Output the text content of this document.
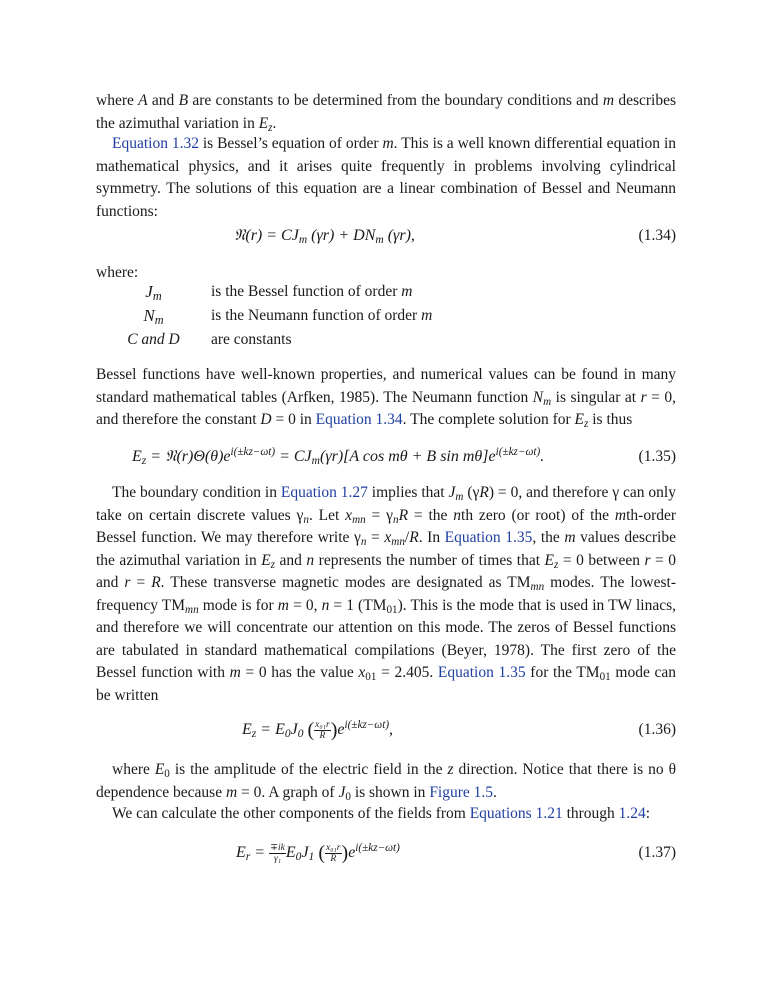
where A and B are constants to be determined from the boundary conditions and m describes the azimuthal variation in $E_z$.

Equation 1.32 is Bessel’s equation of order m. This is a well known differential equation in mathematical physics, and it arises quite frequently in problems involving cylindrical symmetry. The solutions of this equation are a linear combination of Bessel and Neumann functions:

𝔑(r) = $CJ_m$ $(\gamma r) + DN_m$ (γr),	(1.34)

where:

$J_m$	is the Bessel function of order m
$N_m$	is the Neumann function of order m
C and D	are constants

Bessel functions have well-known properties, and numerical values can be found in many standard mathematical tables (Arfken, 1985). The Neumann function $N_m$ is singular at r = 0, and therefore the constant D = 0 in Equation 1.34. The complete solution for $E_z$ is thus

$E_z$ = $𝔑(r)\Theta(\theta)e^{i(\pm kz-\omega t)} = CJ_m(\gamma r)[A$ cos mθ + B $\sin m\theta]e^{i(\pm kz-\omega t)}$.	(1.35)

The boundary condition in Equation 1.27 implies that $J_m$ (γR) = 0, and therefore γ can only take on certain discrete values $\gamma_n$. Let $x_{mn} = \gamma_nR$ = the nth zero (or root) of the mth-order Bessel function. We may therefore write $\gamma_n = x_{mn}/R$. In Equation 1.35, the m values describe the azimuthal variation in $E_z$ and n represents the number of times that $E_z = 0$ between r = 0 and r = R. These transverse magnetic modes are designated as $TM_{mn}$ modes. The lowest-frequency $TM_{mn}$ mode is for m = 0, n = 1 $(TM_{01})$. This is the mode that is used in TW linacs, and therefore we will concentrate our attention on this mode. The zeros of Bessel functions are tabulated in standard mathematical compilations (Beyer, 1978). The first zero of the Bessel function with m = 0 has the value $x_{01} = 2.405$. Equation 1.35 for the $TM_{01}$ mode can be written

$E_z = E_0J_0$ ( $\frac{\text{x₀₁r}}{R} )e^{i(\pm kz-\omega t)}$,	(1.36)

where $E_0$ is the amplitude of the electric field in the z direction. Notice that there is no θ dependence because m = 0. A graph of $J_0$ is shown in Figure 1.5.

We can calculate the other components of the fields from Equations 1.21 through 1.24:

$E_r = \frac{\mp ik}{\text{γ₁}} E_0J_1$ ( $\frac{\text{x₀₁r}}{R} )e^{i(\pm kz-\omega t)}$	(1.37)
